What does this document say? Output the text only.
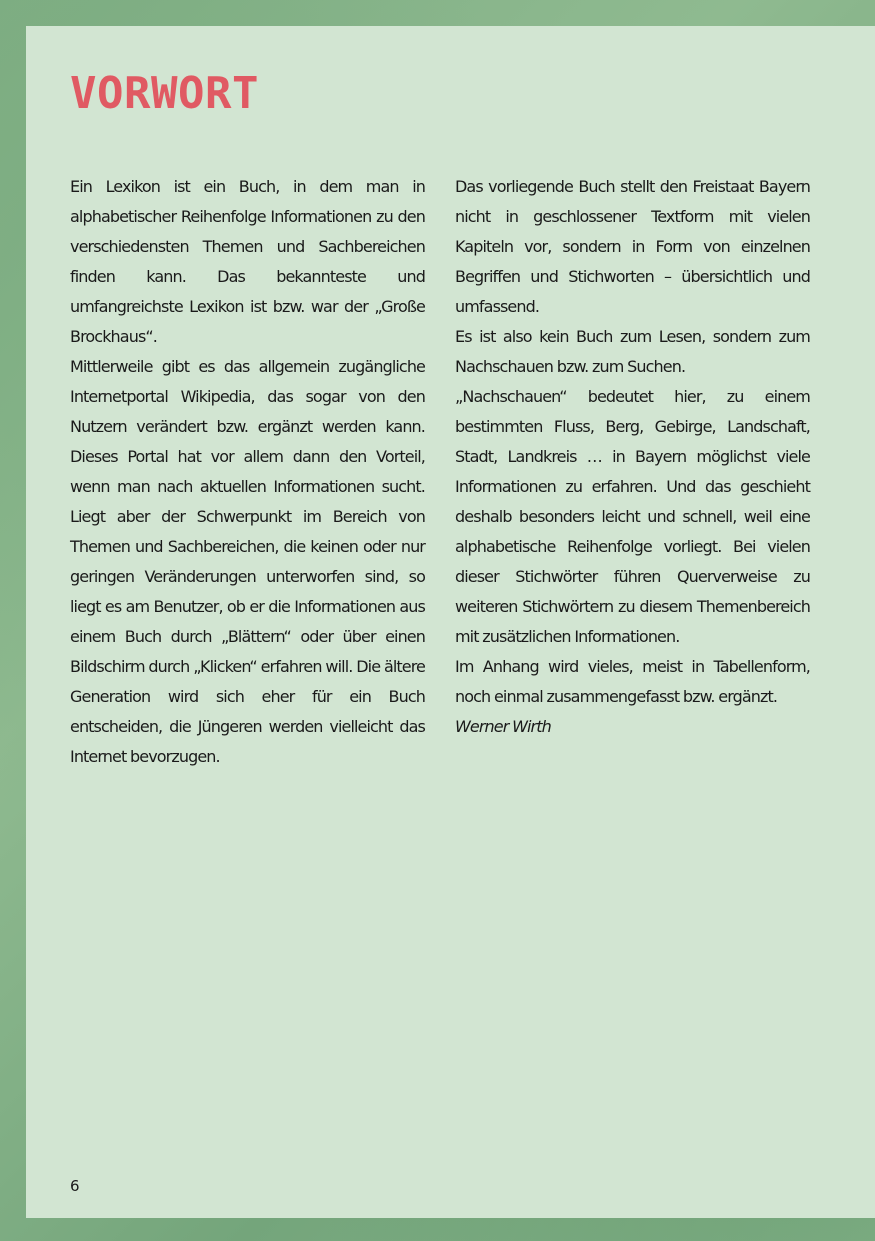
VORWORT

Ein Lexikon ist ein Buch, in dem man in alphabetischer Reihenfolge Informationen zu den verschiedensten Themen und Sachbereichen finden kann. Das bekannteste und umfangreichste Lexikon ist bzw. war der „Große Brockhaus“.

Mittlerweile gibt es das allgemein zugängliche Internetportal Wikipedia, das sogar von den Nutzern verändert bzw. ergänzt werden kann. Dieses Portal hat vor allem dann den Vorteil, wenn man nach aktuellen Informationen sucht. Liegt aber der Schwerpunkt im Bereich von Themen und Sachbereichen, die keinen oder nur geringen Veränderungen unterworfen sind, so liegt es am Benutzer, ob er die Informationen aus einem Buch durch „Blättern“ oder über einen Bildschirm durch „Klicken“ erfahren will. Die ältere Generation wird sich eher für ein Buch entscheiden, die Jüngeren werden vielleicht das Internet bevorzugen.

Das vorliegende Buch stellt den Freistaat Bayern nicht in geschlossener Textform mit vielen Kapiteln vor, sondern in Form von einzelnen Begriffen und Stichworten – übersichtlich und umfassend.

Es ist also kein Buch zum Lesen, sondern zum Nachschauen bzw. zum Suchen.

„Nachschauen“ bedeutet hier, zu einem bestimmten Fluss, Berg, Gebirge, Landschaft, Stadt, Landkreis … in Bayern möglichst viele Informationen zu erfahren. Und das geschieht deshalb besonders leicht und schnell, weil eine alphabetische Reihenfolge vorliegt. Bei vielen dieser Stichwörter führen Querverweise zu weiteren Stichwörtern zu diesem Themenbereich mit zusätzlichen Informationen.

Im Anhang wird vieles, meist in Tabellenform, noch einmal zusammengefasst bzw. ergänzt.

Werner Wirth

6
